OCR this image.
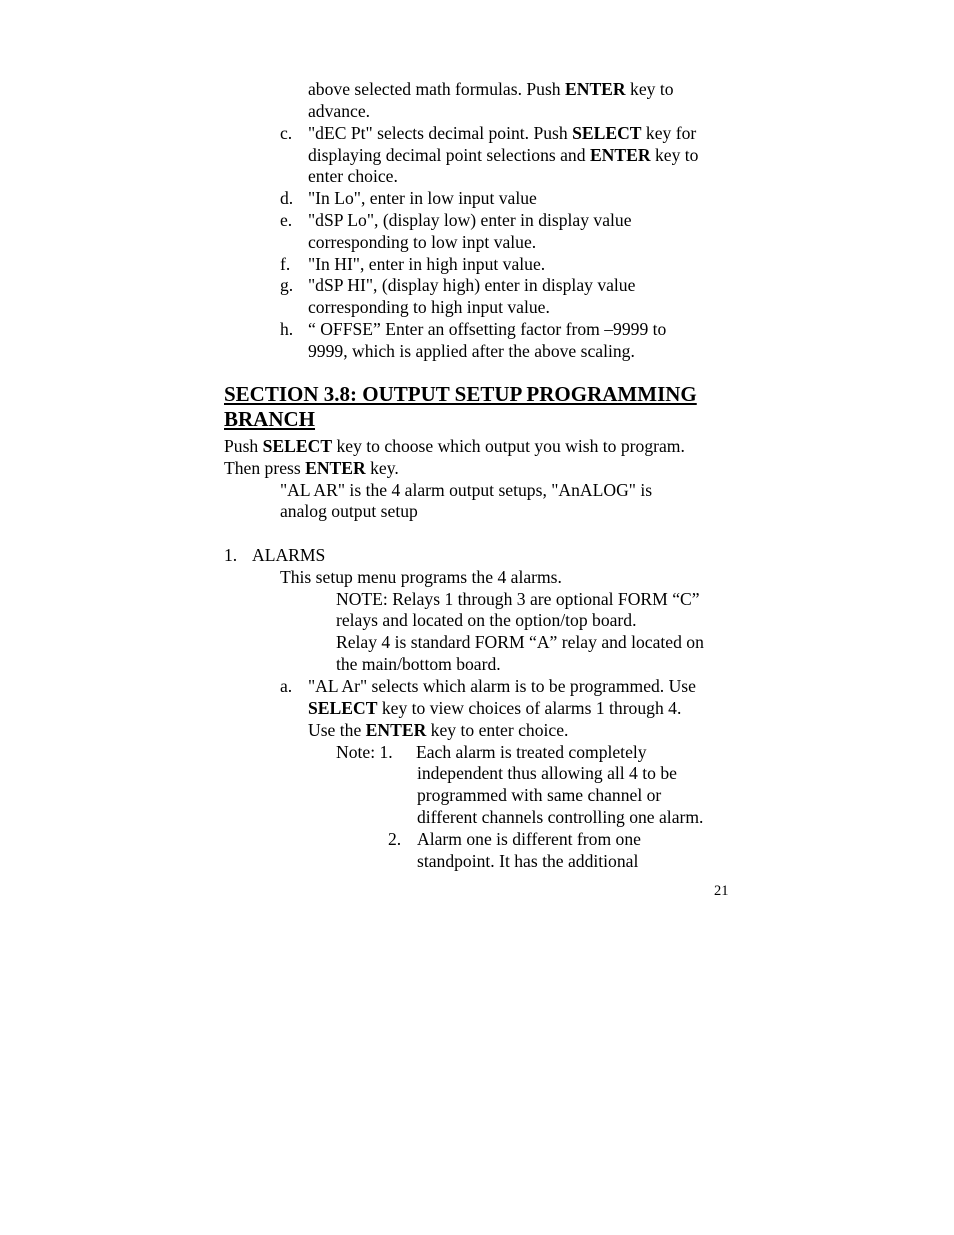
above selected math formulas. Push ENTER key to
advance.
c. "dEC Pt" selects decimal point. Push SELECT key for
displaying decimal point selections and ENTER key to
enter choice.
d. "In Lo", enter in low input value
e. "dSP Lo", (display low) enter in display value
corresponding to low inpt value.
f. "In HI", enter in high input value.
g. "dSP HI", (display high) enter in display value
corresponding to high input value.
h. “ OFFSE” Enter an offsetting factor from –9999 to
9999, which is applied after the above scaling.
SECTION 3.8: OUTPUT SETUP PROGRAMMING
BRANCH
Push SELECT key to choose which output you wish to program.
Then press ENTER key.
"AL AR" is the 4 alarm output setups, "AnALOG" is
analog output setup
1. ALARMS
This setup menu programs the 4 alarms.
NOTE: Relays 1 through 3 are optional FORM “C”
relays and located on the option/top board.
Relay 4 is standard FORM “A” relay and located on
the main/bottom board.
a. "AL Ar" selects which alarm is to be programmed. Use
SELECT key to view choices of alarms 1 through 4.
Use the ENTER key to enter choice.
Note: 1. Each alarm is treated completely
independent thus allowing all 4 to be
programmed with same channel or
different channels controlling one alarm.
2. Alarm one is different from one
standpoint. It has the additional
21
